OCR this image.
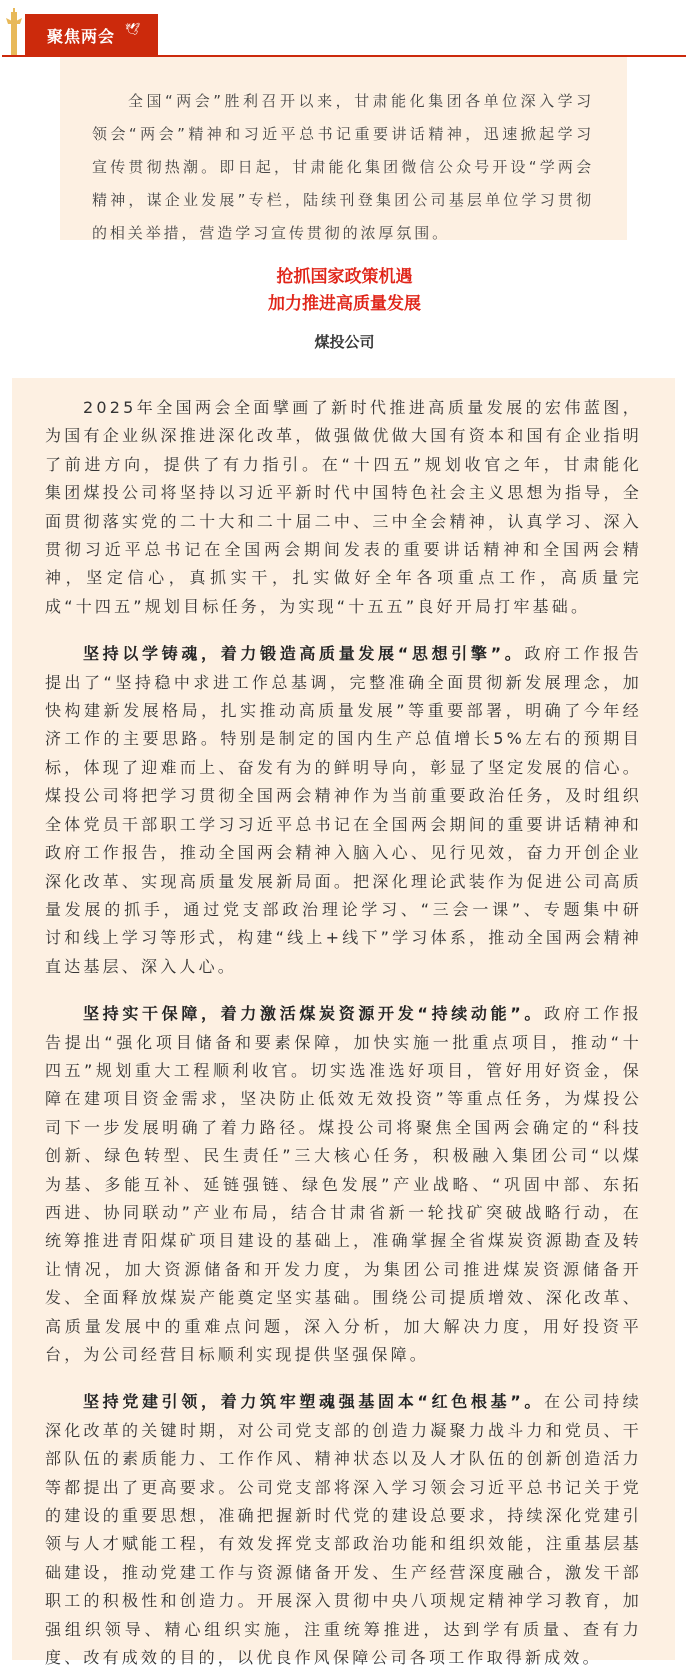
聚焦两会 🕊

全国“两会”胜利召开以来，甘肃能化集团各单位深入学习领会“两会”精神和习近平总书记重要讲话精神，迅速掀起学习宣传贯彻热潮。即日起，甘肃能化集团微信公众号开设“学两会精神，谋企业发展”专栏，陆续刊登集团公司基层单位学习贯彻的相关举措，营造学习宣传贯彻的浓厚氛围。

抢抓国家政策机遇
加力推进高质量发展
煤投公司

2025年全国两会全面擘画了新时代推进高质量发展的宏伟蓝图，为国有企业纵深推进深化改革，做强做优做大国有资本和国有企业指明了前进方向，提供了有力指引。在“十四五”规划收官之年，甘肃能化集团煤投公司将坚持以习近平新时代中国特色社会主义思想为指导，全面贯彻落实党的二十大和二十届二中、三中全会精神，认真学习、深入贯彻习近平总书记在全国两会期间发表的重要讲话精神和全国两会精神，坚定信心，真抓实干，扎实做好全年各项重点工作，高质量完成“十四五”规划目标任务，为实现“十五五”良好开局打牢基础。

坚持以学铸魂，着力锻造高质量发展“思想引擎”。政府工作报告提出了“坚持稳中求进工作总基调，完整准确全面贯彻新发展理念，加快构建新发展格局，扎实推动高质量发展”等重要部署，明确了今年经济工作的主要思路。特别是制定的国内生产总值增长5%左右的预期目标，体现了迎难而上、奋发有为的鲜明导向，彰显了坚定发展的信心。煤投公司将把学习贯彻全国两会精神作为当前重要政治任务，及时组织全体党员干部职工学习习近平总书记在全国两会期间的重要讲话精神和政府工作报告，推动全国两会精神入脑入心、见行见效，奋力开创企业深化改革、实现高质量发展新局面。把深化理论武装作为促进公司高质量发展的抓手，通过党支部政治理论学习、“三会一课”、专题集中研讨和线上学习等形式，构建“线上+线下”学习体系，推动全国两会精神直达基层、深入人心。

坚持实干保障，着力激活煤炭资源开发“持续动能”。政府工作报告提出“强化项目储备和要素保障，加快实施一批重点项目，推动“十四五”规划重大工程顺利收官。切实选准选好项目，管好用好资金，保障在建项目资金需求，坚决防止低效无效投资”等重点任务，为煤投公司下一步发展明确了着力路径。煤投公司将聚焦全国两会确定的“科技创新、绿色转型、民生责任”三大核心任务，积极融入集团公司“以煤为基、多能互补、延链强链、绿色发展”产业战略、“巩固中部、东拓西进、协同联动”产业布局，结合甘肃省新一轮找矿突破战略行动，在统筹推进青阳煤矿项目建设的基础上，准确掌握全省煤炭资源勘查及转让情况，加大资源储备和开发力度，为集团公司推进煤炭资源储备开发、全面释放煤炭产能奠定坚实基础。围绕公司提质增效、深化改革、高质量发展中的重难点问题，深入分析，加大解决力度，用好投资平台，为公司经营目标顺利实现提供坚强保障。

坚持党建引领，着力筑牢塑魂强基固本“红色根基”。在公司持续深化改革的关键时期，对公司党支部的创造力凝聚力战斗力和党员、干部队伍的素质能力、工作作风、精神状态以及人才队伍的创新创造活力等都提出了更高要求。公司党支部将深入学习领会习近平总书记关于党的建设的重要思想，准确把握新时代党的建设总要求，持续深化党建引领与人才赋能工程，有效发挥党支部政治功能和组织效能，注重基层基础建设，推动党建工作与资源储备开发、生产经营深度融合，激发干部职工的积极性和创造力。开展深入贯彻中央八项规定精神学习教育，加强组织领导、精心组织实施，注重统筹推进，达到学有质量、查有力度、改有成效的目的，以优良作风保障公司各项工作取得新成效。
